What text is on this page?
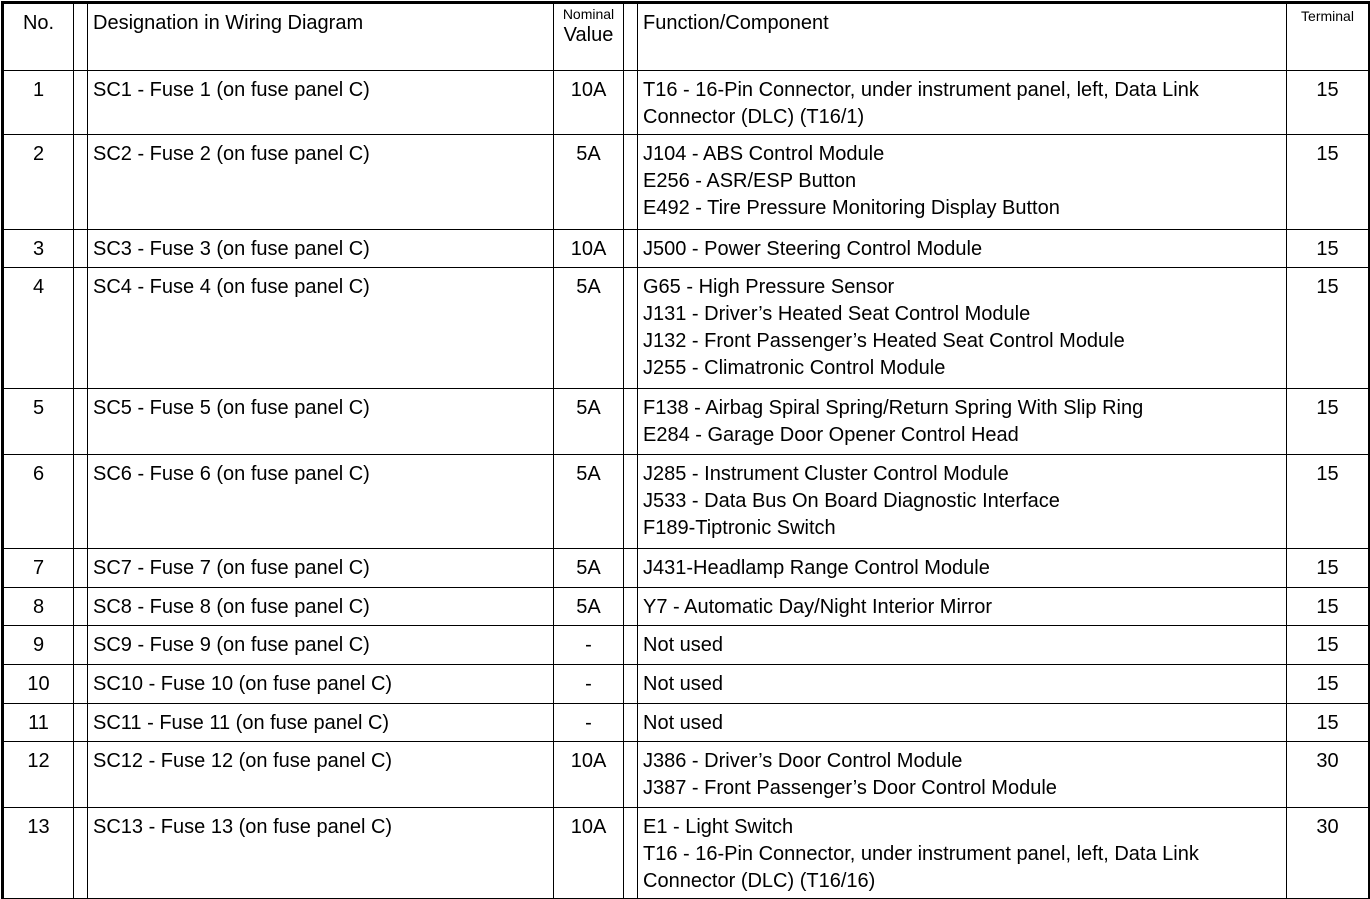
No.		Designation in Wiring Diagram	Nominal
Value		Function/Component	Terminal

1		SC1 - Fuse 1 (on fuse panel C)	10A		T16 - 16-Pin Connector, under instrument panel, left, Data Link
Connector (DLC) (T16/1)	15
2		SC2 - Fuse 2 (on fuse panel C)	5A		J104 - ABS Control Module
E256 - ASR/ESP Button
E492 - Tire Pressure Monitoring Display Button	15
3		SC3 - Fuse 3 (on fuse panel C)	10A		J500 - Power Steering Control Module	15
4		SC4 - Fuse 4 (on fuse panel C)	5A		G65 - High Pressure Sensor
J131 - Driver’s Heated Seat Control Module
J132 - Front Passenger’s Heated Seat Control Module
J255 - Climatronic Control Module	15
5		SC5 - Fuse 5 (on fuse panel C)	5A		F138 - Airbag Spiral Spring/Return Spring With Slip Ring
E284 - Garage Door Opener Control Head	15
6		SC6 - Fuse 6 (on fuse panel C)	5A		J285 - Instrument Cluster Control Module
J533 - Data Bus On Board Diagnostic Interface
F189-Tiptronic Switch	15
7		SC7 - Fuse 7 (on fuse panel C)	5A		J431-Headlamp Range Control Module	15
8		SC8 - Fuse 8 (on fuse panel C)	5A		Y7 - Automatic Day/Night Interior Mirror	15
9		SC9 - Fuse 9 (on fuse panel C)	-		Not used	15
10		SC10 - Fuse 10 (on fuse panel C)	-		Not used	15
11		SC11 - Fuse 11 (on fuse panel C)	-		Not used	15
12		SC12 - Fuse 12 (on fuse panel C)	10A		J386 - Driver’s Door Control Module
J387 - Front Passenger’s Door Control Module	30
13		SC13 - Fuse 13 (on fuse panel C)	10A		E1 - Light Switch
T16 - 16-Pin Connector, under instrument panel, left, Data Link
Connector (DLC) (T16/16)	30
